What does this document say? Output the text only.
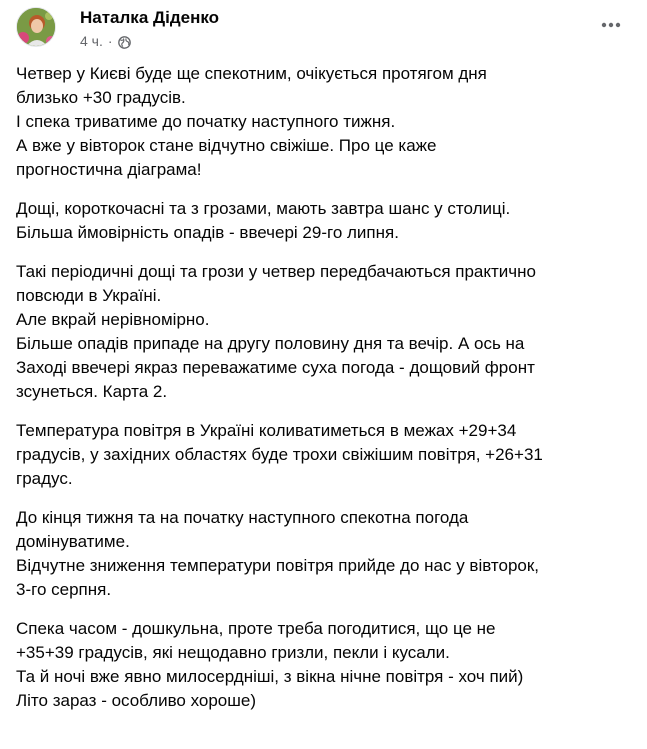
Наталка Діденко
4 ч. ·
Четвер у Києві буде ще спекотним, очікується протягом дня
близько +30 градусів.
І спека триватиме до початку наступного тижня.
А вже у вівторок стане відчутно свіжіше. Про це каже
прогностична діаграма!
Дощі, короткочасні та з грозами, мають завтра шанс у столиці.
Більша ймовірність опадів - ввечері 29-го липня.
Такі періодичні дощі та грози у четвер передбачаються практично
повсюди в Україні.
Але вкрай нерівномірно.
Більше опадів припаде на другу половину дня та вечір. А ось на
Заході ввечері якраз переважатиме суха погода - дощовий фронт
зсунеться. Карта 2.
Температура повітря в Україні коливатиметься в межах +29+34
градусів, у західних областях буде трохи свіжішим повітря, +26+31
градус.
До кінця тижня та на початку наступного спекотна погода
домінуватиме.
Відчутне зниження температури повітря прийде до нас у вівторок,
3-го серпня.
Спека часом - дошкульна, проте треба погодитися, що це не
+35+39 градусів, які нещодавно гризли, пекли і кусали.
Та й ночі вже явно милосердніші, з вікна нічне повітря - хоч пий)
Літо зараз - особливо хороше)
